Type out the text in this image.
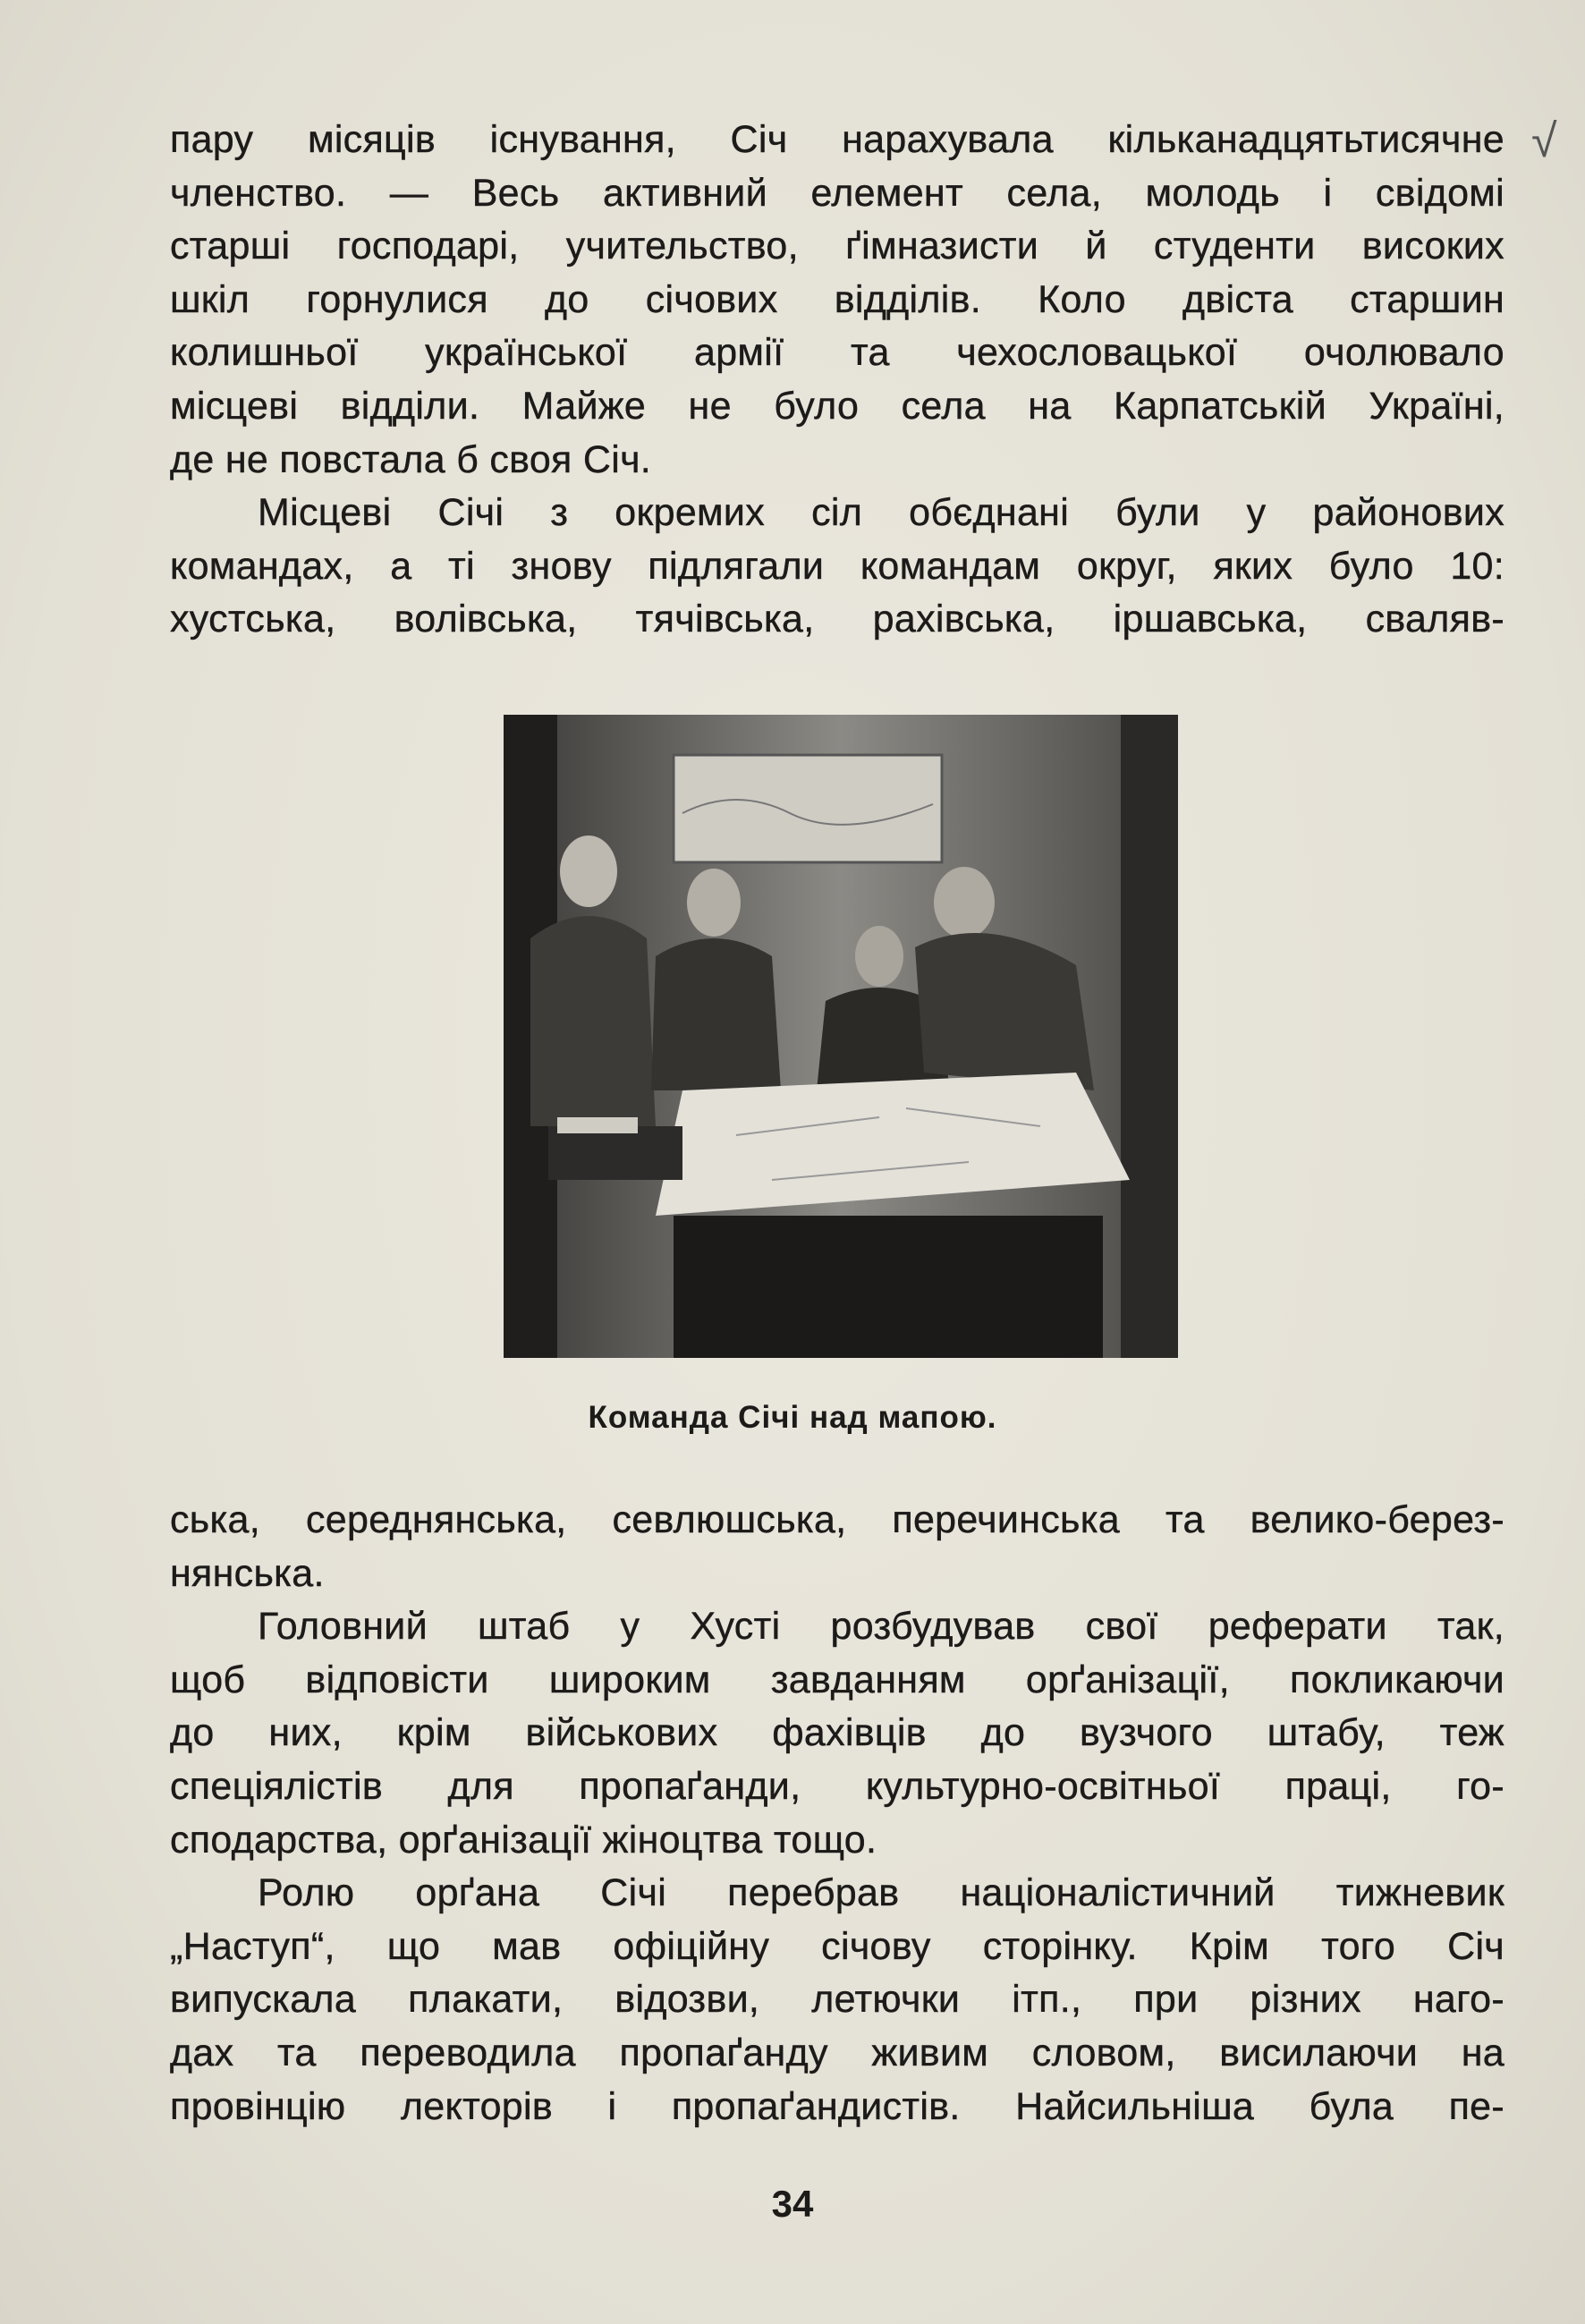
√
пару місяців існування, Січ нарахувала кільканадцятьтисячне
членство. — Весь активний елемент села, молодь і свідомі
старші господарі, учительство, ґімназисти й студенти високих
шкіл горнулися до січових відділів. Коло двіста старшин
колишньої української армії та чехословацької очолювало
місцеві відділи. Майже не було села на Карпатській Україні,
де не повстала б своя Січ.
Місцеві Січі з окремих сіл обєднані були у районових
командах, а ті знову підлягали командам округ, яких було 10:
хустська, волівська, тячівська, рахівська, іршавська, сваляв-
Команда Січі над мапою.
ська, середнянська, севлюшська, перечинська та велико-берез-
нянська.
Головний штаб у Хусті розбудував свої реферати так,
щоб відповісти широким завданням орґанізації, покликаючи
до них, крім військових фахівців до вузчого штабу, теж
спеціялістів для пропаґанди, культурно-освітньої праці, го-
сподарства, орґанізації жіноцтва тощо.
Ролю орґана Січі перебрав націоналістичний тижневик
„Наступ“, що мав офіційну січову сторінку. Крім того Січ
випускала плакати, відозви, летючки ітп., при різних наго-
дах та переводила пропаґанду живим словом, висилаючи на
провінцію лекторів і пропаґандистів. Найсильніша була пе-
34
